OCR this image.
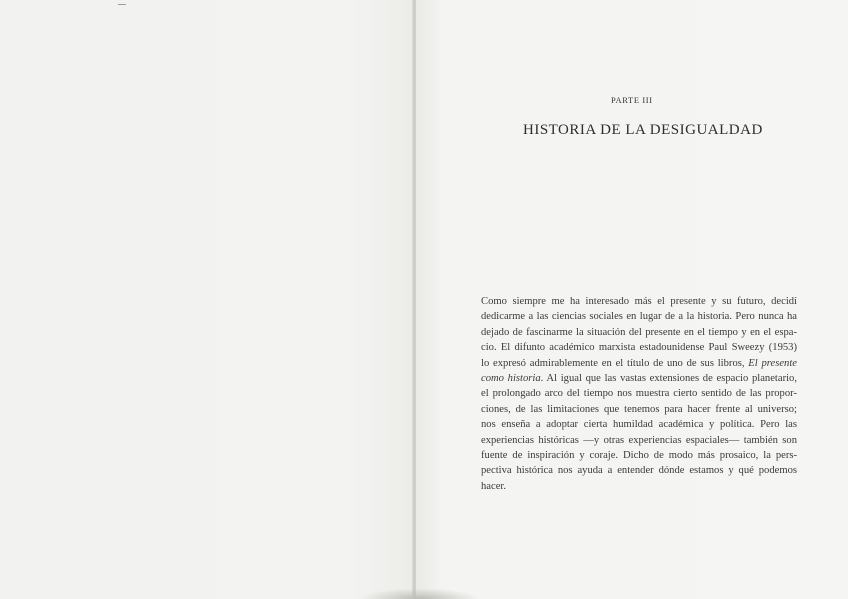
PARTE III
HISTORIA DE LA DESIGUALDAD
Como siempre me ha interesado más el presente y su futuro, decidí
dedicarme a las ciencias sociales en lugar de a la historia. Pero nunca ha
dejado de fascinarme la situación del presente en el tiempo y en el espa-
cio. El difunto académico marxista estadounidense Paul Sweezy (1953)
lo expresó admirablemente en el título de uno de sus libros, El presente
como historia. Al igual que las vastas extensiones de espacio planetario,
el prolongado arco del tiempo nos muestra cierto sentido de las propor-
ciones, de las limitaciones que tenemos para hacer frente al universo;
nos enseña a adoptar cierta humildad académica y política. Pero las
experiencias históricas —y otras experiencias espaciales— también son
fuente de inspiración y coraje. Dicho de modo más prosaico, la pers-
pectiva histórica nos ayuda a entender dónde estamos y qué podemos
hacer.
